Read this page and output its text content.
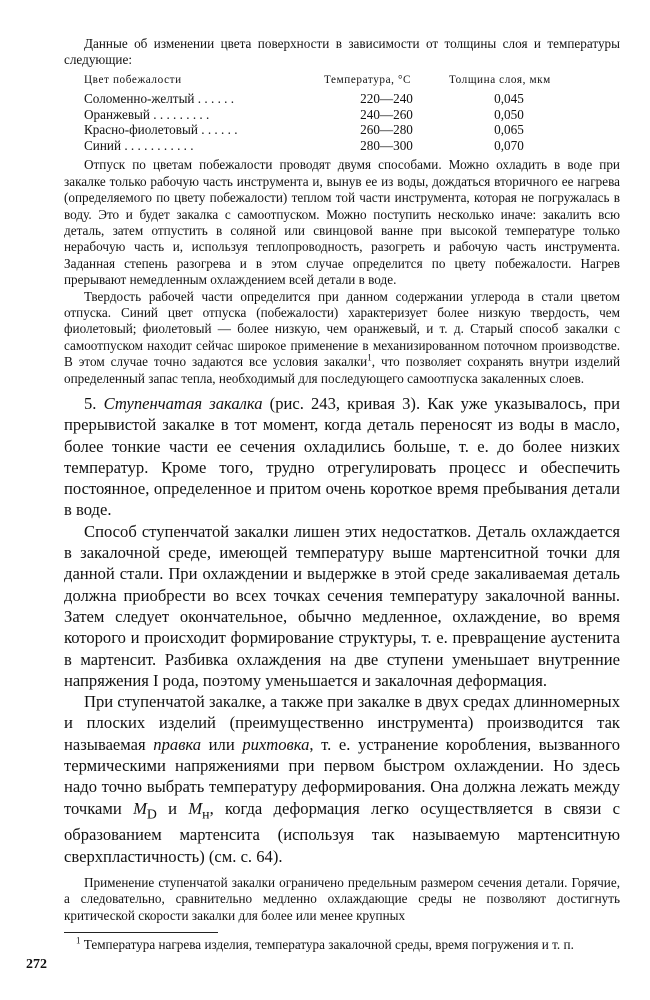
Данные об изменении цвета поверхности в зависимости от толщины слоя и температуры следующие:

Цвет побежалости	Температура, °С	Толщина слоя, мкм
Соломенно-желтый . . . . . .	220—240	0,045
Оранжевый . . . . . . . . .	240—260	0,050
Красно-фиолетовый . . . . . .	260—280	0,065
Синий . . . . . . . . . . .	280—300	0,070

Отпуск по цветам побежалости проводят двумя способами. Можно охладить в воде при закалке только рабочую часть инструмента и, вынув ее из воды, дождаться вторичного ее нагрева (определяемого по цвету побежалости) теплом той части инструмента, которая не погружалась в воду. Это и будет закалка с самоотпуском. Можно поступить несколько иначе: закалить всю деталь, затем отпустить в соляной или свинцовой ванне при высокой температуре только нерабочую часть и, используя теплопроводность, разогреть и рабочую часть инструмента. Заданная степень разогрева и в этом случае определится по цвету побежалости. Нагрев прерывают немедленным охлаждением всей детали в воде.

Твердость рабочей части определится при данном содержании углерода в стали цветом отпуска. Синий цвет отпуска (побежалости) характеризует более низкую твердость, чем фиолетовый; фиолетовый — более низкую, чем оранжевый, и т. д. Старый способ закалки с самоотпуском находит сейчас широкое применение в механизированном поточном производстве. В этом случае точно задаются все условия закалки$^1$, что позволяет сохранять внутри изделий определенный запас тепла, необходимый для последующего самоотпуска закаленных слоев.

5. Ступенчатая закалка (рис. 243, кривая 3). Как уже указывалось, при прерывистой закалке в тот момент, когда деталь переносят из воды в масло, более тонкие части ее сечения охладились больше, т. е. до более низких температур. Кроме того, трудно отрегулировать процесс и обеспечить постоянное, определенное и притом очень короткое время пребывания детали в воде.

Способ ступенчатой закалки лишен этих недостатков. Деталь охлаждается в закалочной среде, имеющей температуру выше мартенситной точки для данной стали. При охлаждении и выдержке в этой среде закаливаемая деталь должна приобрести во всех точках сечения температуру закалочной ванны. Затем следует окончательное, обычно медленное, охлаждение, во время которого и происходит формирование структуры, т. е. превращение аустенита в мартенсит. Разбивка охлаждения на две ступени уменьшает внутренние напряжения I рода, поэтому уменьшается и закалочная деформация.

При ступенчатой закалке, а также при закалке в двух средах длинномерных и плоских изделий (преимущественно инструмента) производится так называемая правка или рихтовка, т. е. устранение коробления, вызванного термическими напряжениями при первом быстром охлаждении. Но здесь надо точно выбрать температуру деформирования. Она должна лежать между точками $M_D$ и $M_н$, когда деформация легко осуществляется в связи с образованием мартенсита (используя так называемую мартенситную сверхпластичность) (см. с. 64).

Применение ступенчатой закалки ограничено предельным размером сечения детали. Горячие, а следовательно, сравнительно медленно охлаждающие среды не позволяют достигнуть критической скорости закалки для более или менее крупных

$^1$ Температура нагрева изделия, температура закалочной среды, время погружения и т. п.

272
